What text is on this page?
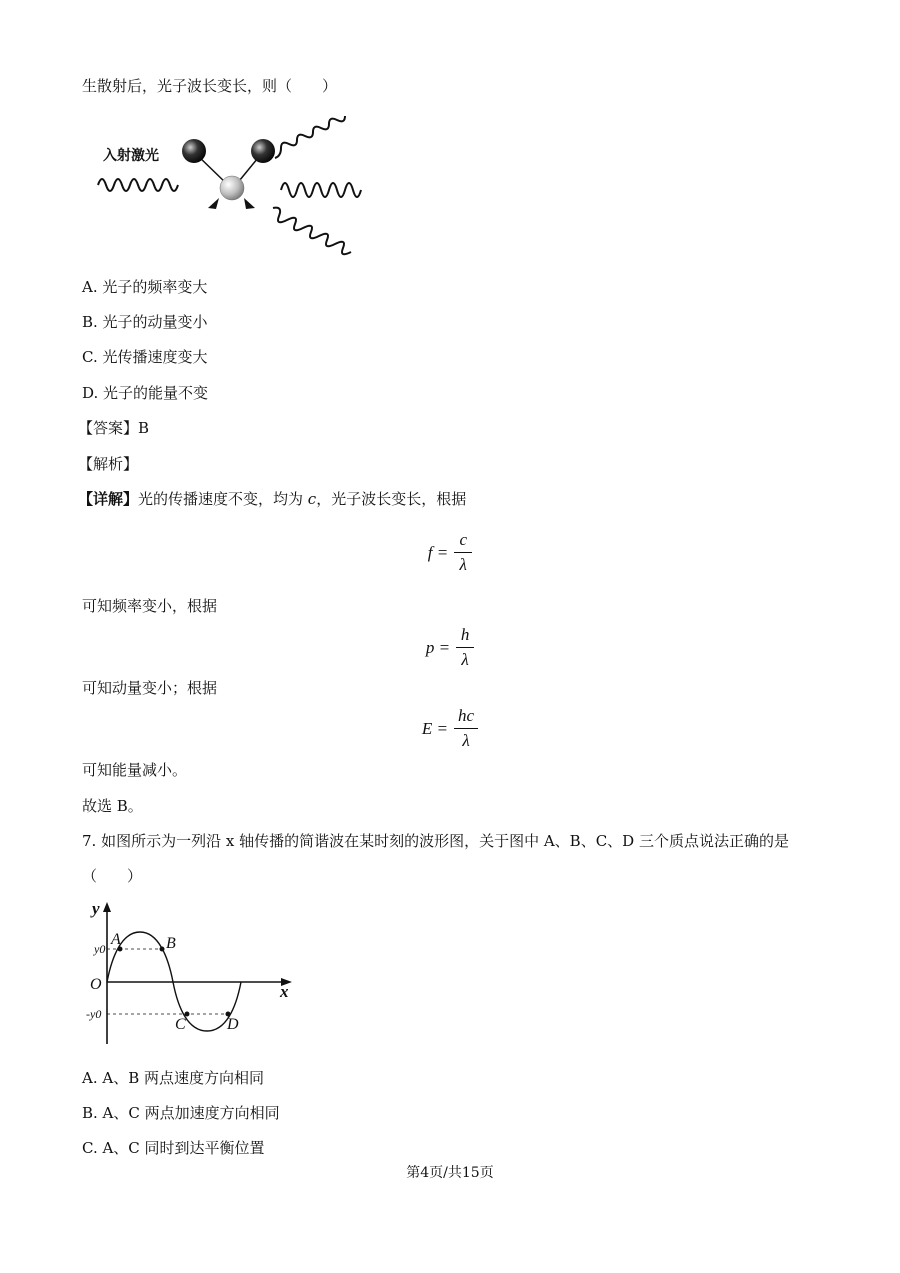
生散射后，光子波长变长，则（　　）
入射激光
A. 光子的频率变大
B. 光子的动量变小
C. 光传播速度变大
D. 光子的能量不变
【答案】B
【解析】
【详解】光的传播速度不变，均为 c，光子波长变长，根据
$f = \frac{c}{\lambda}$
可知频率变小，根据
$p = \frac{h}{\lambda}$
可知动量变小；根据
$E = \frac{hc}{\lambda}$
可知能量减小。
故选 B。
7. 如图所示为一列沿 x 轴传播的简谐波在某时刻的波形图，关于图中 A、B、C、D 三个质点说法正确的是
（　　）
y
x
O
y0
-y0
A	B
C	D
A. A、B 两点速度方向相同
B. A、C 两点加速度方向相同
C. A、C 同时到达平衡位置
第4页/共15页
